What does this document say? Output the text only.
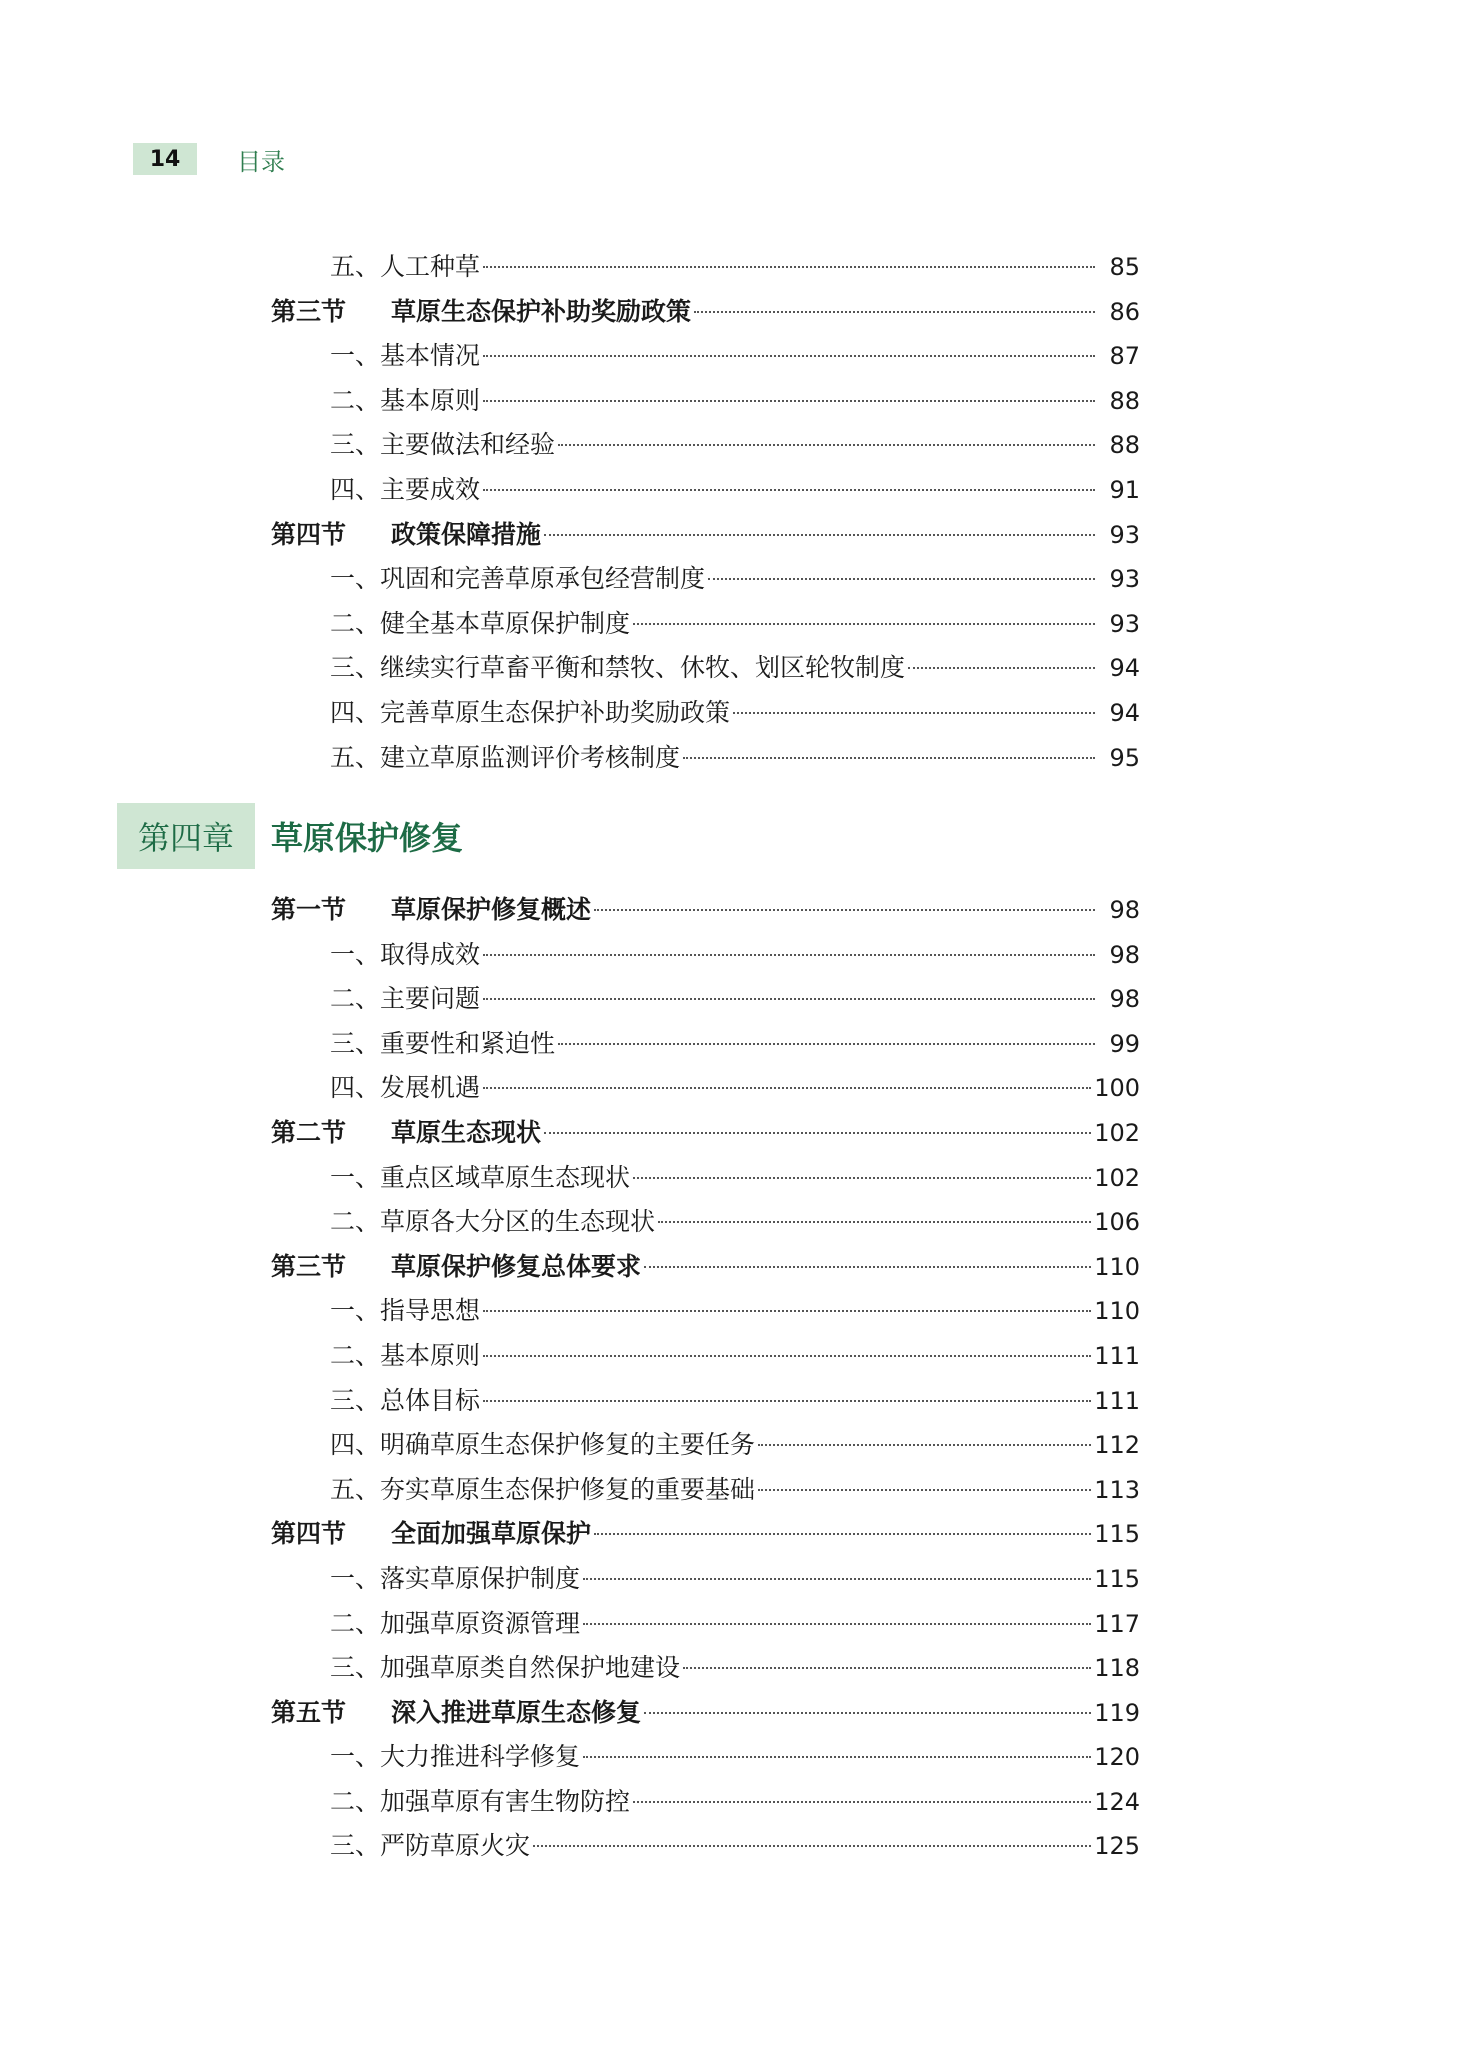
14	目录
五、 人工种草	85
第三节	草原生态保护补助奖励政策	86
一、 基本情况	87
二、 基本原则	88
三、 主要做法和经验	88
四、 主要成效	91
第四节	政策保障措施	93
一、 巩固和完善草原承包经营制度	93
二、 健全基本草原保护制度	93
三、 继续实行草畜平衡和禁牧、休牧、划区轮牧制度	94
四、 完善草原生态保护补助奖励政策	94
五、 建立草原监测评价考核制度	95
第四章	草原保护修复
第一节	草原保护修复概述	98
一、 取得成效	98
二、 主要问题	98
三、 重要性和紧迫性	99
四、 发展机遇	100
第二节	草原生态现状	102
一、 重点区域草原生态现状	102
二、 草原各大分区的生态现状	106
第三节	草原保护修复总体要求	110
一、 指导思想	110
二、 基本原则	111
三、 总体目标	111
四、 明确草原生态保护修复的主要任务	112
五、 夯实草原生态保护修复的重要基础	113
第四节	全面加强草原保护	115
一、 落实草原保护制度	115
二、 加强草原资源管理	117
三、 加强草原类自然保护地建设	118
第五节	深入推进草原生态修复	119
一、 大力推进科学修复	120
二、 加强草原有害生物防控	124
三、 严防草原火灾	125
